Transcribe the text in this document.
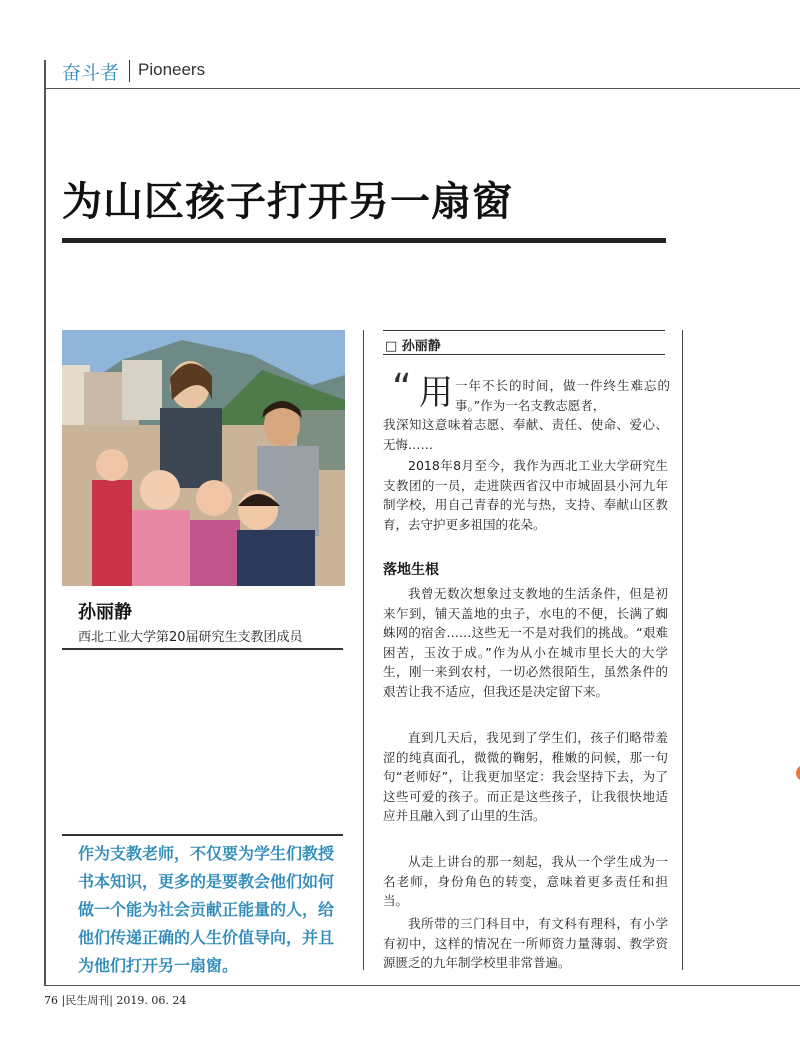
奋斗者 Pioneers
为山区孩子打开另一扇窗
孙丽静
西北工业大学第20届研究生支教团成员
作为支教老师，不仅要为学生们教授书本知识，更多的是要教会他们如何做一个能为社会贡献正能量的人，给他们传递正确的人生价值导向，并且为他们打开另一扇窗。
□ 孙丽静
“ 用 一年不长的时间，做一件终生难忘的事。”作为一名支教志愿者，
我深知这意味着志愿、奉献、责任、使命、爱心、无悔……
2018年8月至今，我作为西北工业大学研究生支教团的一员，走进陕西省汉中市城固县小河九年制学校，用自己青春的光与热，支持、奉献山区教育，去守护更多祖国的花朵。
落地生根
我曾无数次想象过支教地的生活条件，但是初来乍到，铺天盖地的虫子，水电的不便，长满了蜘蛛网的宿舍……这些无一不是对我们的挑战。“艰难困苦，玉汝于成。”作为从小在城市里长大的大学生，刚一来到农村，一切必然很陌生，虽然条件的艰苦让我不适应，但我还是决定留下来。
直到几天后，我见到了学生们，孩子们略带羞涩的纯真面孔，微微的鞠躬，稚嫩的问候，那一句句“老师好”，让我更加坚定：我会坚持下去，为了这些可爱的孩子。而正是这些孩子，让我很快地适应并且融入到了山里的生活。
从走上讲台的那一刻起，我从一个学生成为一名老师，身份角色的转变，意味着更多责任和担当。
我所带的三门科目中，有文科有理科，有小学有初中，这样的情况在一所师资力量薄弱、教学资源匮乏的九年制学校里非常普遍。
76 |民生周刊| 2019. 06. 24
